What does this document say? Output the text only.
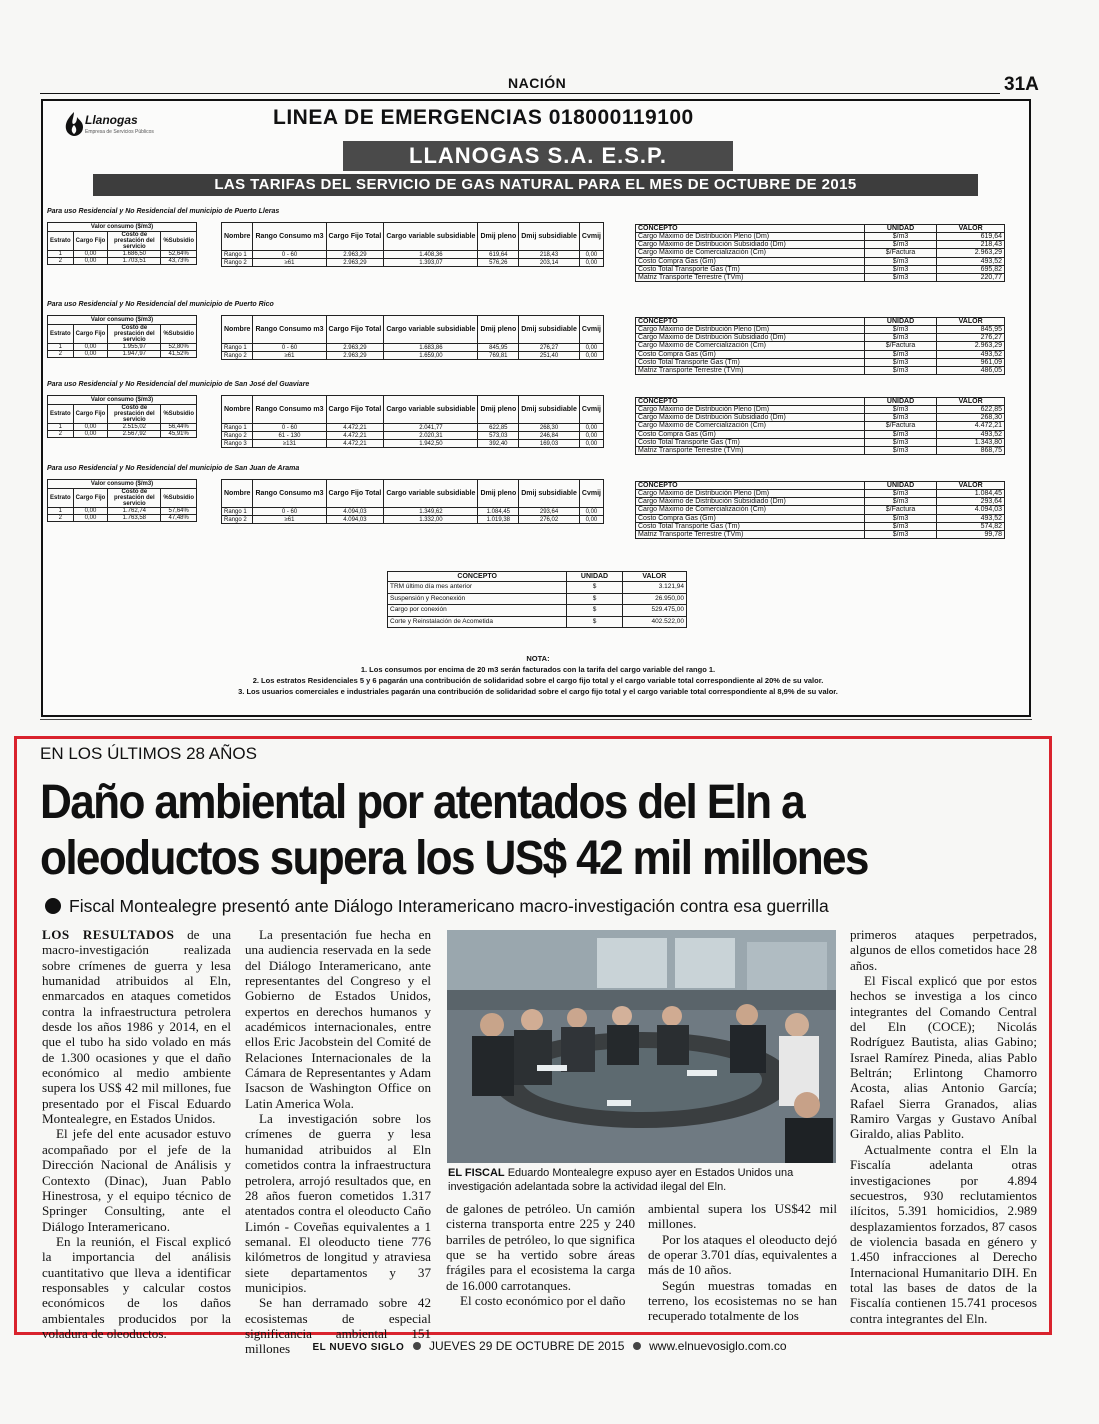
NACIÓN	31A
Llanogas
Empresa de Servicios Públicos
LINEA DE EMERGENCIAS 018000119100
LLANOGAS S.A. E.S.P.
LAS TARIFAS DEL SERVICIO DE GAS NATURAL PARA EL MES DE OCTUBRE DE 2015
Para uso Residencial y No Residencial del municipio de Puerto Lleras
Valor consumo ($/m3)			
Estrato	Cargo Fijo	Costo de prestación del servicio	%Subsidio
1	0,00	1.686,50	52,64%
2	0,00	1.703,51	43,73%
Nombre	Rango Consumo m3	Cargo Fijo Total	Cargo variable subsidiable	Dmij pleno	Dmij subsidiable	Cvmij
Rango 1	0 - 60	2.963,29	1.408,36	619,64	218,43	0,00
Rango 2	≥61	2.963,29	1.393,07	576,26	203,14	0,00
CONCEPTO	UNIDAD	VALOR
Cargo Máximo de Distribución Pleno (Dm)	$/m3	619,64
Cargo Máximo de Distribución Subsidiado (Dm)	$/m3	218,43
Cargo Máximo de Comercialización (Cm)	$/Factura	2.963,29
Costo Compra Gas (Gm)	$/m3	493,52
Costo Total Transporte Gas (Tm)	$/m3	695,82
Matriz Transporte Terrestre (TVm)	$/m3	220,77
Para uso Residencial y No Residencial del municipio de Puerto Rico
Valor consumo ($/m3)			
Estrato	Cargo Fijo	Costo de prestación del servicio	%Subsidio
1	0,00	1.955,97	52,80%
2	0,00	1.947,97	41,52%
Nombre	Rango Consumo m3	Cargo Fijo Total	Cargo variable subsidiable	Dmij pleno	Dmij subsidiable	Cvmij
Rango 1	0 - 60	2.963,29	1.683,86	845,95	276,27	0,00
Rango 2	≥61	2.963,29	1.659,00	769,81	251,40	0,00
CONCEPTO	UNIDAD	VALOR
Cargo Máximo de Distribución Pleno (Dm)	$/m3	845,95
Cargo Máximo de Distribución Subsidiado (Dm)	$/m3	276,27
Cargo Máximo de Comercialización (Cm)	$/Factura	2.963,29
Costo Compra Gas (Gm)	$/m3	493,52
Costo Total Transporte Gas (Tm)	$/m3	961,09
Matriz Transporte Terrestre (TVm)	$/m3	486,05
Para uso Residencial y No Residencial del municipio de San José del Guaviare
Valor consumo ($/m3)			
Estrato	Cargo Fijo	Costo de prestación del servicio	%Subsidio
1	0,00	2.515,02	56,44%
2	0,00	2.567,92	45,91%
Nombre	Rango Consumo m3	Cargo Fijo Total	Cargo variable subsidiable	Dmij pleno	Dmij subsidiable	Cvmij
Rango 1	0 - 60	4.472,21	2.041,77	622,85	268,30	0,00
Rango 2	61 - 130	4.472,21	2.020,31	573,03	246,84	0,00
Rango 3	≥131	4.472,21	1.942,50	392,40	169,03	0,00
CONCEPTO	UNIDAD	VALOR
Cargo Máximo de Distribución Pleno (Dm)	$/m3	622,85
Cargo Máximo de Distribución Subsidiado (Dm)	$/m3	268,30
Cargo Máximo de Comercialización (Cm)	$/Factura	4.472,21
Costo Compra Gas (Gm)	$/m3	493,52
Costo Total Transporte Gas (Tm)	$/m3	1.343,80
Matriz Transporte Terrestre (TVm)	$/m3	868,75
Para uso Residencial y No Residencial del municipio de San Juan de Arama
Valor consumo ($/m3)			
Estrato	Cargo Fijo	Costo de prestación del servicio	%Subsidio
1	0,00	1.762,74	57,64%
2	0,00	1.763,58	47,48%
Nombre	Rango Consumo m3	Cargo Fijo Total	Cargo variable subsidiable	Dmij pleno	Dmij subsidiable	Cvmij
Rango 1	0 - 60	4.094,03	1.349,62	1.084,45	293,64	0,00
Rango 2	≥61	4.094,03	1.332,00	1.019,38	276,02	0,00
CONCEPTO	UNIDAD	VALOR
Cargo Máximo de Distribución Pleno (Dm)	$/m3	1.084,45
Cargo Máximo de Distribución Subsidiado (Dm)	$/m3	293,64
Cargo Máximo de Comercialización (Cm)	$/Factura	4.094,03
Costo Compra Gas (Gm)	$/m3	493,52
Costo Total Transporte Gas (Tm)	$/m3	574,82
Matriz Transporte Terrestre (TVm)	$/m3	99,78
CONCEPTO	UNIDAD	VALOR
TRM último día mes anterior	$	3.121,94
Suspensión y Reconexión	$	26.950,00
Cargo por conexión	$	529.475,00
Corte y Reinstalación de Acometida	$	402.522,00
NOTA:
1. Los consumos por encima de 20 m3 serán facturados con la tarifa del cargo variable del rango 1.
2. Los estratos Residenciales 5 y 6 pagarán una contribución de solidaridad sobre el cargo fijo total y el cargo variable total correspondiente al 20% de su valor.
3. Los usuarios comerciales e industriales pagarán una contribución de solidaridad sobre el cargo fijo total y el cargo variable total correspondiente al 8,9% de su valor.
EN LOS ÚLTIMOS 28 AÑOS
Daño ambiental por atentados del Eln a
oleoductos supera los US$ 42 mil millones
Fiscal Montealegre presentó ante Diálogo Interamericano macro-investigación contra esa guerrilla

LOS RESULTADOS de una macro-investigación realizada sobre crímenes de guerra y lesa humanidad atribuidos al Eln, enmarcados en ataques cometidos contra la infraestructura petrolera desde los años 1986 y 2014, en el que el tubo ha sido volado en más de 1.300 ocasiones y que el daño económico al medio ambiente supera los US$ 42 mil millones, fue presentado por el Fiscal Eduardo Montealegre, en Estados Unidos.

El jefe del ente acusador estuvo acompañado por el jefe de la Dirección Nacional de Análisis y Contexto (Dinac), Juan Pablo Hinestrosa, y el equipo técnico de Springer Consulting, ante el Diálogo Interamericano.

En la reunión, el Fiscal explicó la importancia del análisis cuantitativo que lleva a identificar responsables y calcular costos económicos de los daños ambientales producidos por la voladura de oleoductos.

La presentación fue hecha en una audiencia reservada en la sede del Diálogo Interamericano, ante representantes del Congreso y el Gobierno de Estados Unidos, expertos en derechos humanos y académicos internacionales, entre ellos Eric Jacobstein del Comité de Relaciones Internacionales de la Cámara de Representantes y Adam Isacson de Washington Office on Latin America Wola.

La investigación sobre los crímenes de guerra y lesa humanidad atribuidos al Eln cometidos contra la infraestructura petrolera, arrojó resultados que, en 28 años fueron cometidos 1.317 atentados contra el oleoducto Caño Limón - Coveñas equivalentes a 1 semanal. El oleoducto tiene 776 kilómetros de longitud y atraviesa siete departamentos y 37 municipios.

Se han derramado sobre 42 ecosistemas de especial significancia ambiental 151 millones

EL FISCAL Eduardo Montealegre expuso ayer en Estados Unidos una investigación adelantada sobre la actividad ilegal del Eln.

de galones de petróleo. Un camión cisterna transporta entre 225 y 240 barriles de petróleo, lo que significa que se ha vertido sobre áreas frágiles para el ecosistema la carga de 16.000 carrotanques.

El costo económico por el daño

ambiental supera los US$42 mil millones.

Por los ataques el oleoducto dejó de operar 3.701 días, equivalentes a más de 10 años.

Según muestras tomadas en terreno, los ecosistemas no se han recuperado totalmente de los

primeros ataques perpetrados, algunos de ellos cometidos hace 28 años.

El Fiscal explicó que por estos hechos se investiga a los cinco integrantes del Comando Central del Eln (COCE); Nicolás Rodríguez Bautista, alias Gabino; Israel Ramírez Pineda, alias Pablo Beltrán; Erlintong Chamorro Acosta, alias Antonio García; Rafael Sierra Granados, alias Ramiro Vargas y Gustavo Aníbal Giraldo, alias Pablito.

Actualmente contra el Eln la Fiscalía adelanta otras investigaciones por 4.894 secuestros, 930 reclutamientos ilícitos, 5.391 homicidios, 2.989 desplazamientos forzados, 87 casos de violencia basada en género y 1.450 infracciones al Derecho Internacional Humanitario DIH. En total las bases de datos de la Fiscalía contienen 15.741 procesos contra integrantes del Eln.

EL NUEVO SIGLO JUEVES 29 DE OCTUBRE DE 2015 www.elnuevosiglo.com.co
